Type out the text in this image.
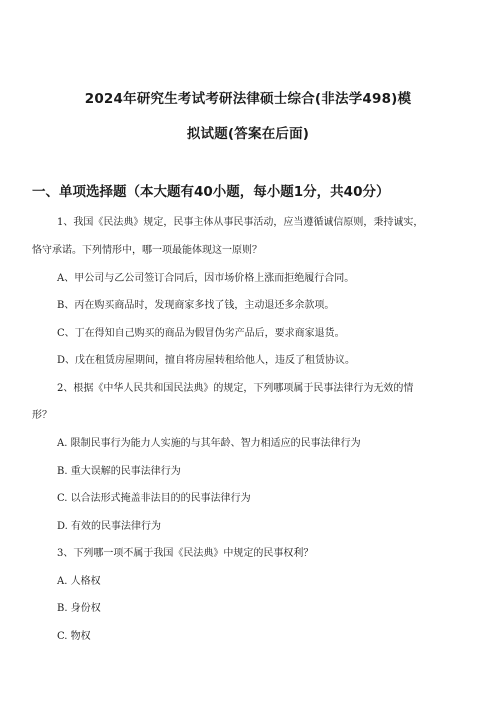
2024年研究生考试考研法律硕士综合(非法学498)模
拟试题(答案在后面)
一、单项选择题（本大题有40小题，每小题1分，共40分）
1、我国《民法典》规定，民事主体从事民事活动，应当遵循诚信原则，秉持诚实，
恪守承诺。下列情形中，哪一项最能体现这一原则？
A、甲公司与乙公司签订合同后，因市场价格上涨而拒绝履行合同。
B、丙在购买商品时，发现商家多找了钱，主动退还多余款项。
C、丁在得知自己购买的商品为假冒伪劣产品后，要求商家退货。
D、戊在租赁房屋期间，擅自将房屋转租给他人，违反了租赁协议。
2、根据《中华人民共和国民法典》的规定，下列哪项属于民事法律行为无效的情
形？
A. 限制民事行为能力人实施的与其年龄、智力相适应的民事法律行为
B. 重大误解的民事法律行为
C. 以合法形式掩盖非法目的的民事法律行为
D. 有效的民事法律行为
3、下列哪一项不属于我国《民法典》中规定的民事权利？
A. 人格权
B. 身份权
C. 物权
